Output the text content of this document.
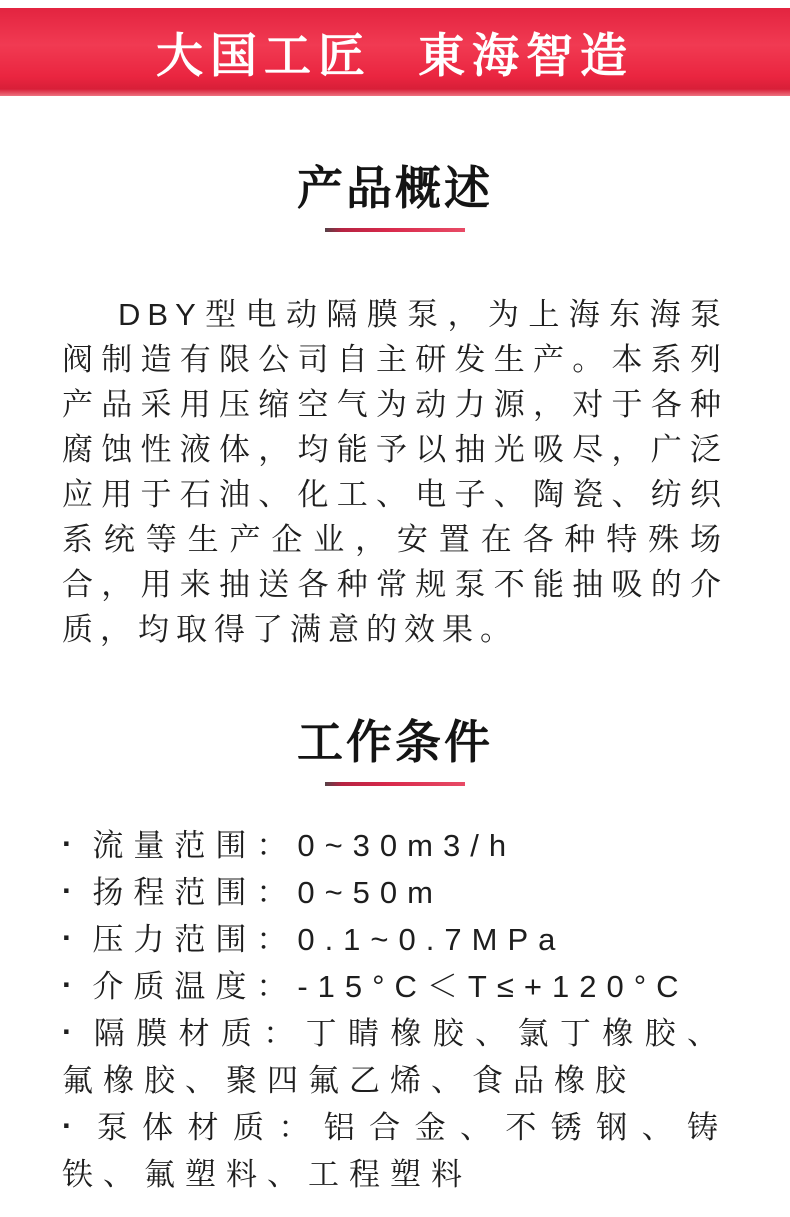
大国工匠 東海智造
产品概述

DBY型电动隔膜泵，为上海东海泵阀制造有限公司自主研发生产。本系列产品采用压缩空气为动力源，对于各种腐蚀性液体，均能予以抽光吸尽，广泛应用于石油、化工、电子、陶瓷、纺织系统等生产企业，安置在各种特殊场合，用来抽送各种常规泵不能抽吸的介质，均取得了满意的效果。

工作条件
· 流量范围：0~30m3/h
· 扬程范围：0~50m
· 压力范围：0.1~0.7MPa
· 介质温度：-15°C＜T≤+120°C
· 隔膜材质：丁睛橡胶、氯丁橡胶、氟橡胶、聚四氟乙烯、食品橡胶
· 泵体材质：铝合金、不锈钢、铸铁、氟塑料、工程塑料
